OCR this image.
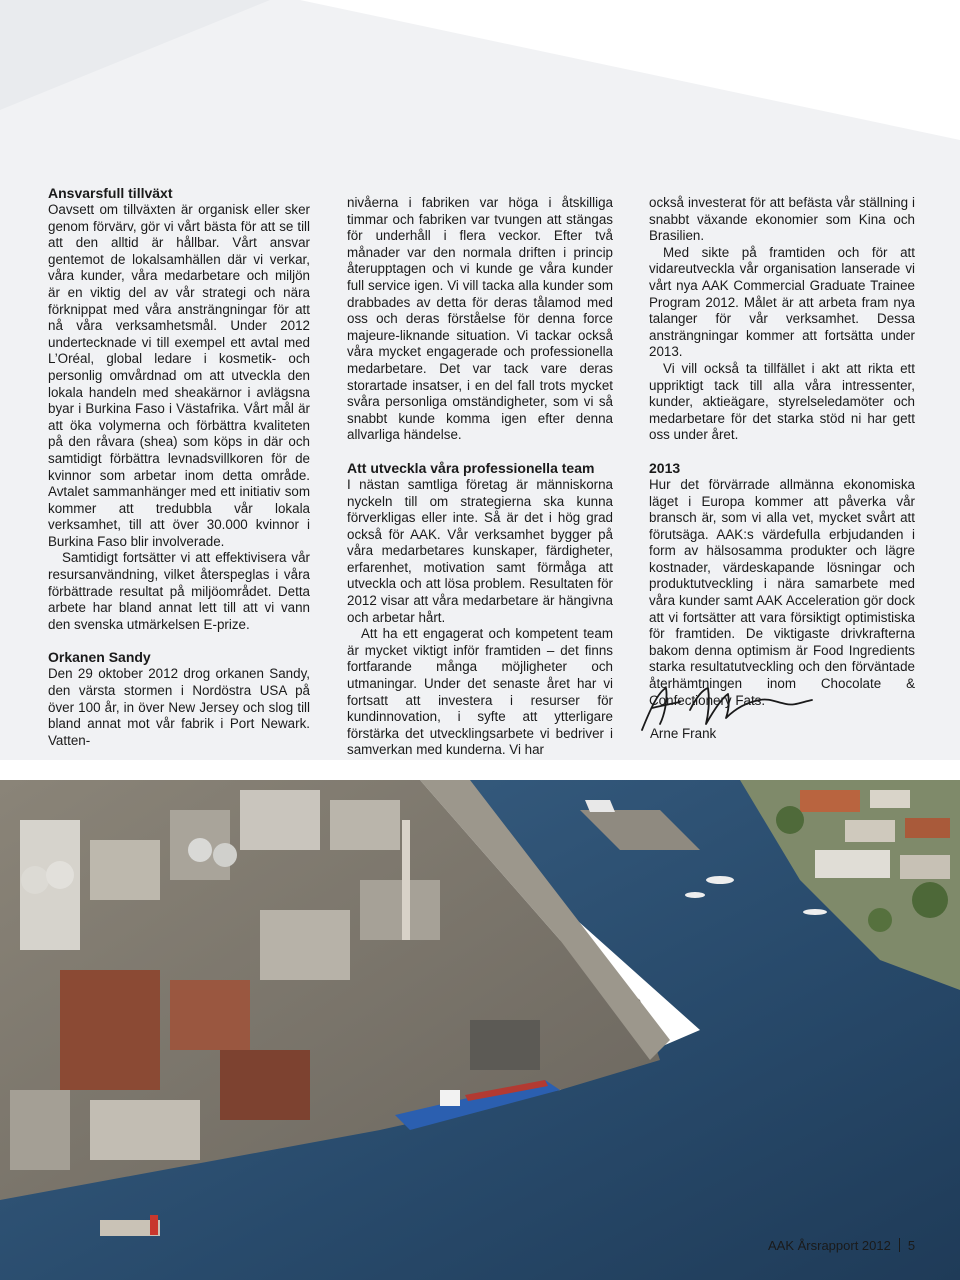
Ansvarsfull tillväxt

Oavsett om tillväxten är organisk eller sker genom förvärv, gör vi vårt bästa för att se till att den alltid är hållbar. Vårt ansvar gentemot de lokalsamhällen där vi verkar, våra kunder, våra medarbetare och miljön är en viktig del av vår strategi och nära förknippat med våra ansträngningar för att nå våra verksamhetsmål. Under 2012 undertecknade vi till exempel ett avtal med L’Oréal, global ledare i kosmetik- och personlig omvårdnad om att utveckla den lokala handeln med sheakärnor i avlägsna byar i Burkina Faso i Västafrika. Vårt mål är att öka volymerna och förbättra kvaliteten på den råvara (shea) som köps in där och samtidigt förbättra levnadsvillkoren för de kvinnor som arbetar inom detta område. Avtalet sammanhänger med ett initiativ som kommer att tredubbla vår lokala verksamhet, till att över 30.000 kvinnor i Burkina Faso blir involverade.

Samtidigt fortsätter vi att effektivisera vår resursanvändning, vilket återspeglas i våra förbättrade resultat på miljöområdet. Detta arbete har bland annat lett till att vi vann den svenska utmärkelsen E-prize.

Orkanen Sandy

Den 29 oktober 2012 drog orkanen Sandy, den värsta stormen i Nordöstra USA på över 100 år, in över New Jersey och slog till bland annat mot vår fabrik i Port Newark. Vatten-

nivåerna i fabriken var höga i åtskilliga timmar och fabriken var tvungen att stängas för underhåll i flera veckor. Efter två månader var den normala driften i princip återupptagen och vi kunde ge våra kunder full service igen. Vi vill tacka alla kunder som drabbades av detta för deras tålamod med oss och deras förståelse för denna force majeure-liknande situation. Vi tackar också våra mycket engagerade och professionella medarbetare. Det var tack vare deras storartade insatser, i en del fall trots mycket svåra personliga omständigheter, som vi så snabbt kunde komma igen efter denna allvarliga händelse.

Att utveckla våra professionella team

I nästan samtliga företag är människorna nyckeln till om strategierna ska kunna förverkligas eller inte. Så är det i hög grad också för AAK. Vår verksamhet bygger på våra medarbetares kunskaper, färdigheter, erfarenhet, motivation samt förmåga att utveckla och att lösa problem. Resultaten för 2012 visar att våra medarbetare är hängivna och arbetar hårt.

Att ha ett engagerat och kompetent team är mycket viktigt inför framtiden – det finns fortfarande många möjligheter och utmaningar. Under det senaste året har vi fortsatt att investera i resurser för kundinnovation, i syfte att ytterligare förstärka det utvecklingsarbete vi bedriver i samverkan med kunderna. Vi har

också investerat för att befästa vår ställning i snabbt växande ekonomier som Kina och Brasilien.

Med sikte på framtiden och för att vidareutveckla vår organisation lanserade vi vårt nya AAK Commercial Graduate Trainee Program 2012. Målet är att arbeta fram nya talanger för vår verksamhet. Dessa ansträngningar kommer att fortsätta under 2013.

Vi vill också ta tillfället i akt att rikta ett uppriktigt tack till alla våra intressenter, kunder, aktieägare, styrelseledamöter och medarbetare för det starka stöd ni har gett oss under året.

2013

Hur det förvärrade allmänna ekonomiska läget i Europa kommer att påverka vår bransch är, som vi alla vet, mycket svårt att förutsäga. AAK:s värdefulla erbjudanden i form av hälsosamma produkter och lägre kostnader, värdeskapande lösningar och produktutveckling i nära samarbete med våra kunder samt AAK Acceleration gör dock att vi fortsätter att vara försiktigt optimistiska för framtiden. De viktigaste drivkrafterna bakom denna optimism är Food Ingredients starka resultatutveckling och den förväntade återhämtningen inom Chocolate & Confectionery Fats.

Arne Frank
AAK Årsrapport 2012 5
